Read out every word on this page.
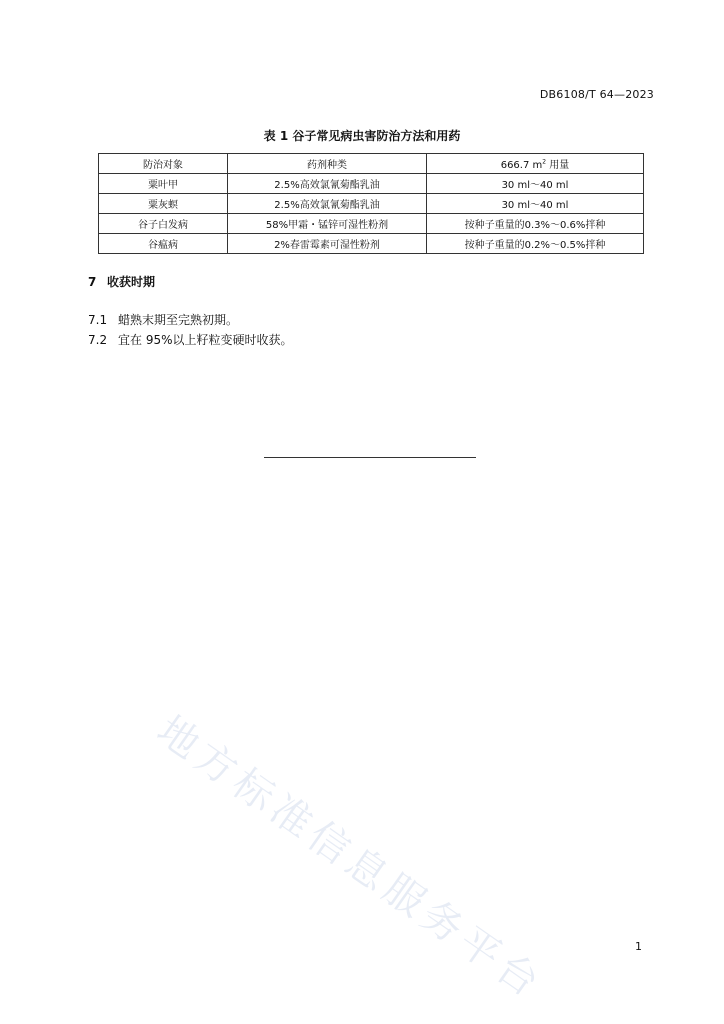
DB6108/T 64—2023
表 1 谷子常见病虫害防治方法和用药
防治对象	药剂种类	666.7 $m^2$ 用量
粟叶甲	2.5%高效氯氰菊酯乳油	30 ml～40 ml
粟灰螟	2.5%高效氯氰菊酯乳油	30 ml～40 ml
谷子白发病	58%甲霜・锰锌可湿性粉剂	按种子重量的0.3%～0.6%拌种
谷瘟病	2%春雷霉素可湿性粉剂	按种子重量的0.2%～0.5%拌种
7 收获时期
7.1 蜡熟末期至完熟初期。
7.2 宜在 95%以上籽粒变硬时收获。
地方标准信息服务平台	1
